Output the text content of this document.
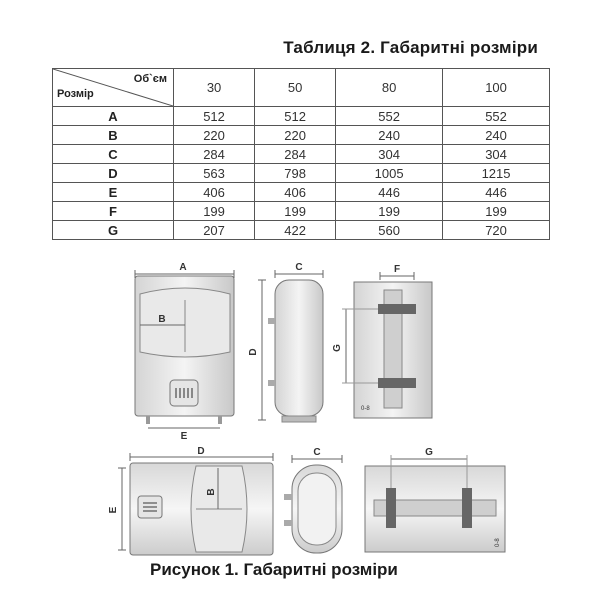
Таблиця 2. Габаритні розміри
Об`єм
Розмір	30	50	80	100
A	512	512	552	552
B	220	220	240	240
C	284	284	304	304
D	563	798	1005	1215
E	406	406	446	446
F	199	199	199	199
G	207	422	560	720
A
B
E
C
D
F
G
0-8
D
B
E
C	G
0-8
Рисунок 1. Габаритні розміри
